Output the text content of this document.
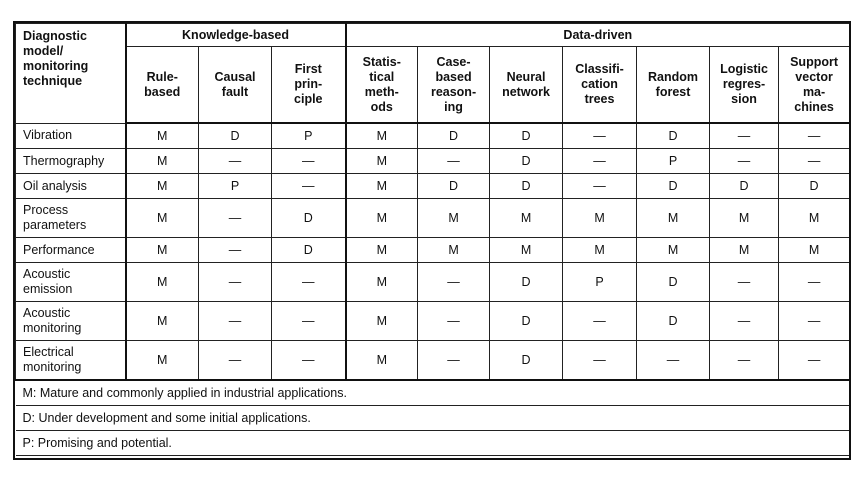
Diagnostic
model/
monitoring
technique	Knowledge-based			Data-driven						
	Rule-
based	Causal
fault	First
prin-
ciple	Statis-
tical
meth-
ods	Case-
based
reason-
ing	Neural
network	Classifi-
cation
trees	Random
forest	Logistic
regres-
sion	Support
vector
ma-
chines
Vibration	M	D	P	M	D	D	—	D	—	—
Thermography	M	—	—	M	—	D	—	P	—	—
Oil analysis	M	P	—	M	D	D	—	D	D	D
Process
parameters	M	—	D	M	M	M	M	M	M	M
Performance	M	—	D	M	M	M	M	M	M	M
Acoustic
emission	M	—	—	M	—	D	P	D	—	—
Acoustic
monitoring	M	—	—	M	—	D	—	D	—	—
Electrical
monitoring	M	—	—	M	—	D	—	—	—	—
M: Mature and commonly applied in industrial applications.										
D: Under development and some initial applications.										
P: Promising and potential.										
